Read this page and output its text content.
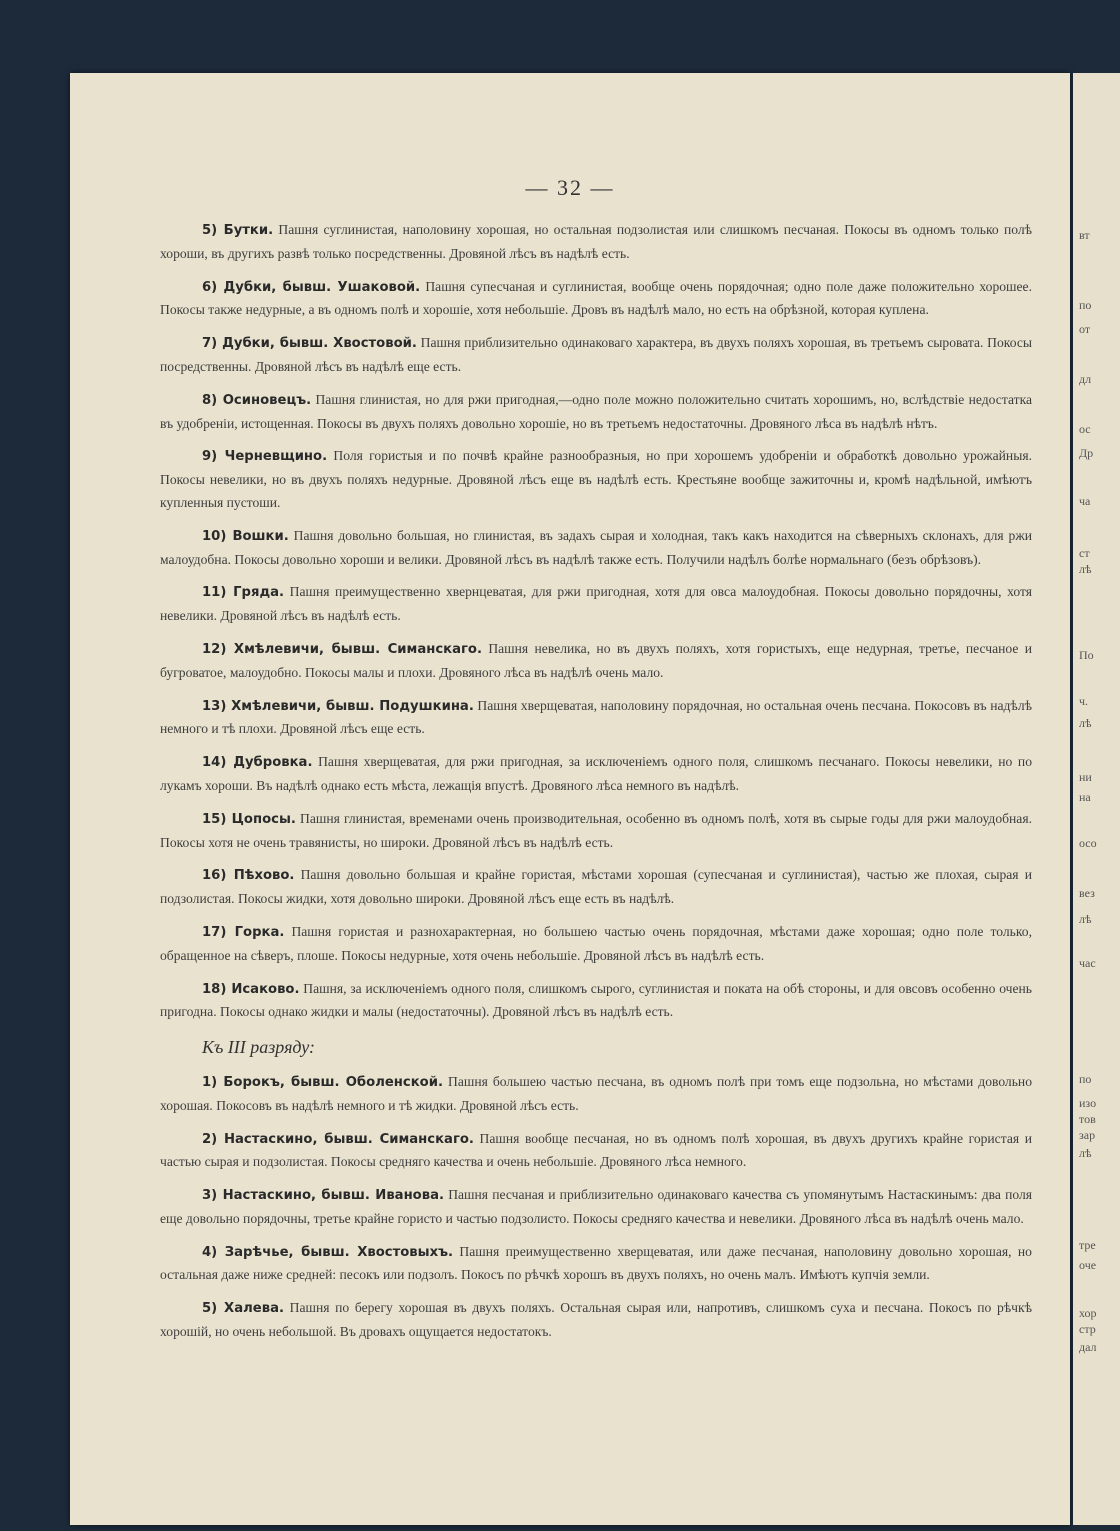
— 32 —

5) Бутки. Пашня суглинистая, наполовину хорошая, но остальная подзолистая или слишкомъ песчаная. Покосы въ одномъ только полѣ хороши, въ другихъ развѣ только посредственны. Дровяной лѣсъ въ надѣлѣ есть.

6) Дубки, бывш. Ушаковой. Пашня супесчаная и суглинистая, вообще очень порядочная; одно поле даже положительно хорошее. Покосы также недурные, а въ одномъ полѣ и хорошіе, хотя небольшіе. Дровъ въ надѣлѣ мало, но есть на обрѣзной, которая куплена.

7) Дубки, бывш. Хвостовой. Пашня приблизительно одинаковаго характера, въ двухъ поляхъ хорошая, въ третьемъ сыровата. Покосы посредственны. Дровяной лѣсъ въ надѣлѣ еще есть.

8) Осиновецъ. Пашня глинистая, но для ржи пригодная,—одно поле можно положительно считать хорошимъ, но, вслѣдствіе недостатка въ удобреніи, истощенная. Покосы въ двухъ поляхъ довольно хорошіе, но въ третьемъ недостаточны. Дровяного лѣса въ надѣлѣ нѣтъ.

9) Черневщино. Поля гористыя и по почвѣ крайне разнообразныя, но при хорошемъ удобреніи и обработкѣ довольно урожайныя. Покосы невелики, но въ двухъ поляхъ недурные. Дровяной лѣсъ еще въ надѣлѣ есть. Крестьяне вообще зажиточны и, кромѣ надѣльной, имѣютъ купленныя пустоши.

10) Вошки. Пашня довольно большая, но глинистая, въ задахъ сырая и холодная, такъ какъ находится на сѣверныхъ склонахъ, для ржи малоудобна. Покосы довольно хороши и велики. Дровяной лѣсъ въ надѣлѣ также есть. Получили надѣлъ болѣе нормальнаго (безъ обрѣзовъ).

11) Гряда. Пашня преимущественно хвернцеватая, для ржи пригодная, хотя для овса малоудобная. Покосы довольно порядочны, хотя невелики. Дровяной лѣсъ въ надѣлѣ есть.

12) Хмѣлевичи, бывш. Симанскаго. Пашня невелика, но въ двухъ поляхъ, хотя гористыхъ, еще недурная, третье, песчаное и бугроватое, малоудобно. Покосы малы и плохи. Дровяного лѣса въ надѣлѣ очень мало.

13) Хмѣлевичи, бывш. Подушкина. Пашня хверщеватая, наполовину порядочная, но остальная очень песчана. Покосовъ въ надѣлѣ немного и тѣ плохи. Дровяной лѣсъ еще есть.

14) Дубровка. Пашня хверщеватая, для ржи пригодная, за исключеніемъ одного поля, слишкомъ песчанаго. Покосы невелики, но по лукамъ хороши. Въ надѣлѣ однако есть мѣста, лежащія впустѣ. Дровяного лѣса немного въ надѣлѣ.

15) Цопосы. Пашня глинистая, временами очень производительная, особенно въ одномъ полѣ, хотя въ сырые годы для ржи малоудобная. Покосы хотя не очень травянисты, но широки. Дровяной лѣсъ въ надѣлѣ есть.

16) Пѣхово. Пашня довольно большая и крайне гористая, мѣстами хорошая (супесчаная и суглинистая), частью же плохая, сырая и подзолистая. Покосы жидки, хотя довольно широки. Дровяной лѣсъ еще есть въ надѣлѣ.

17) Горка. Пашня гористая и разнохарактерная, но большею частью очень порядочная, мѣстами даже хорошая; одно поле только, обращенное на сѣверъ, плоше. Покосы недурные, хотя очень небольшіе. Дровяной лѣсъ въ надѣлѣ есть.

18) Исаково. Пашня, за исключеніемъ одного поля, слишкомъ сырого, суглинистая и поката на обѣ стороны, и для овсовъ особенно очень пригодна. Покосы однако жидки и малы (недостаточны). Дровяной лѣсъ въ надѣлѣ есть.

Къ III разряду:

1) Борокъ, бывш. Оболенской. Пашня большею частью песчана, въ одномъ полѣ при томъ еще подзольна, но мѣстами довольно хорошая. Покосовъ въ надѣлѣ немного и тѣ жидки. Дровяной лѣсъ есть.

2) Настаскино, бывш. Симанскаго. Пашня вообще песчаная, но въ одномъ полѣ хорошая, въ двухъ другихъ крайне гористая и частью сырая и подзолистая. Покосы средняго качества и очень небольшіе. Дровяного лѣса немного.

3) Настаскино, бывш. Иванова. Пашня песчаная и приблизительно одинаковаго качества съ упомянутымъ Настаскинымъ: два поля еще довольно порядочны, третье крайне гористо и частью подзолисто. Покосы средняго качества и невелики. Дровяного лѣса въ надѣлѣ очень мало.

4) Зарѣчье, бывш. Хвостовыхъ. Пашня преимущественно хверщеватая, или даже песчаная, наполовину довольно хорошая, но остальная даже ниже средней: песокъ или подзолъ. Покосъ по рѣчкѣ хорошъ въ двухъ поляхъ, но очень малъ. Имѣютъ купчія земли.

5) Халева. Пашня по берегу хорошая въ двухъ поляхъ. Остальная сырая или, напротивъ, слишкомъ суха и песчана. Покосъ по рѣчкѣ хорошій, но очень небольшой. Въ дровахъ ощущается недостатокъ.

вт
по
от
дл
ос
Др
ча
ст
лѣ
По
ч.
лѣ
ни
на
осо
вез
лѣ
час
по
изо
тов
зар
лѣ
тре
оче
хор
стр
дал
